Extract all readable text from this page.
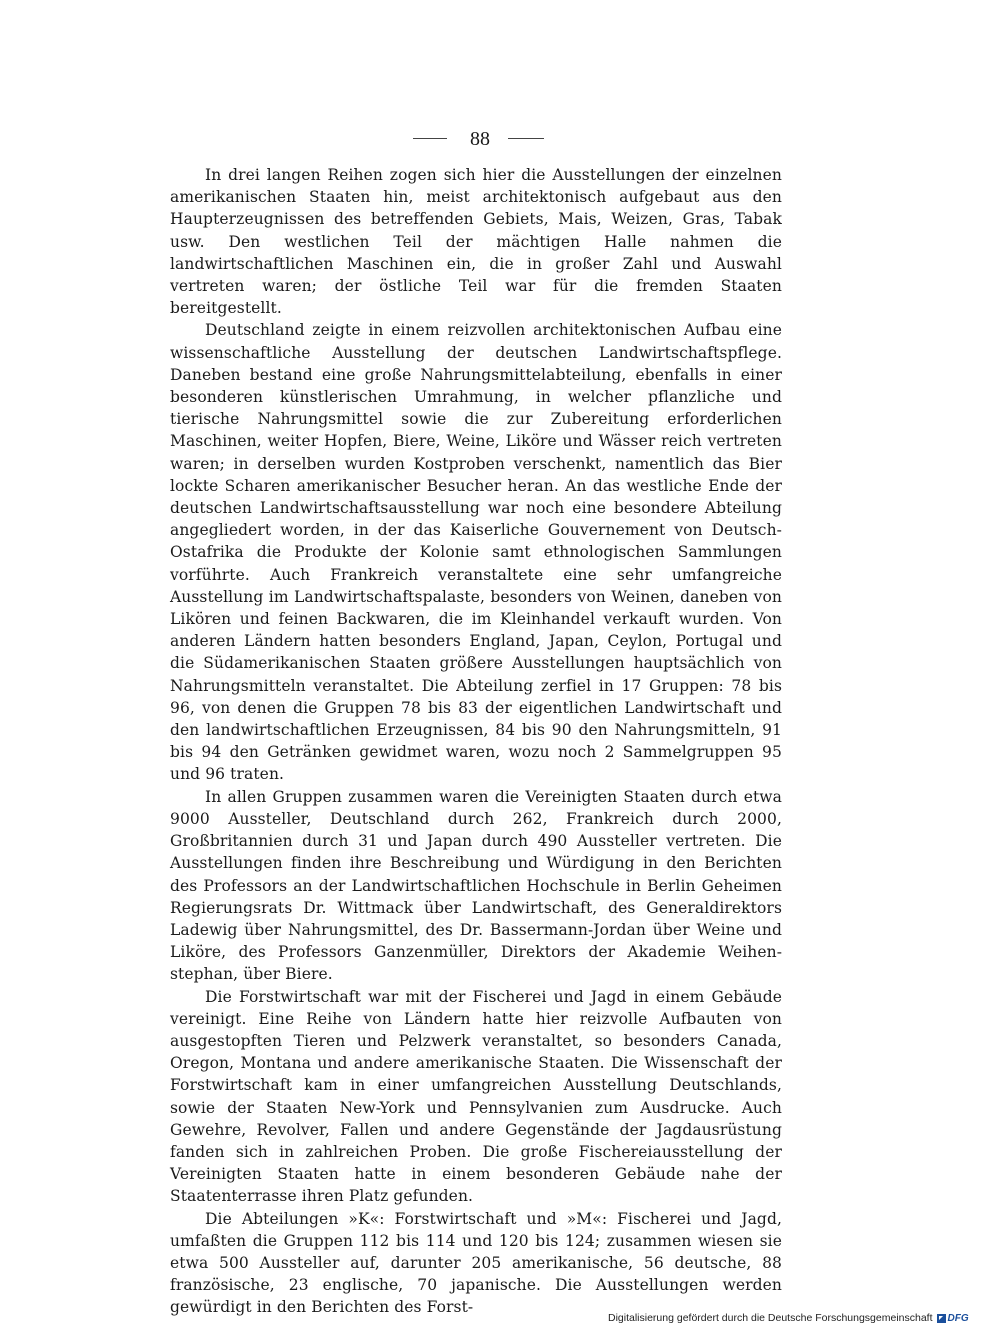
88

In drei langen Reihen zogen sich hier die Ausstellungen der einzelnen amerikanischen Staaten hin, meist architektonisch aufgebaut aus den Haupterzeugnissen des betreffenden Gebiets, Mais, Weizen, Gras, Tabak usw. Den westlichen Teil der mächtigen Halle nahmen die landwirtschaftlichen Maschinen ein, die in großer Zahl und Auswahl vertreten waren; der östliche Teil war für die fremden Staaten bereitgestellt.

Deutschland zeigte in einem reizvollen architektonischen Aufbau eine wissenschaftliche Ausstellung der deutschen Landwirtschaftspflege. Daneben bestand eine große Nahrungsmittelabteilung, ebenfalls in einer besonderen künstlerischen Umrahmung, in welcher pflanzliche und tierische Nahrungsmittel sowie die zur Zubereitung erforderlichen Maschinen, weiter Hopfen, Biere, Weine, Liköre und Wässer reich vertreten waren; in derselben wurden Kostproben verschenkt, namentlich das Bier lockte Scharen amerikanischer Besucher heran. An das westliche Ende der deutschen Landwirtschaftsausstellung war noch eine besondere Abteilung angegliedert worden, in der das Kaiserliche Gouvernement von Deutsch-Ostafrika die Produkte der Kolonie samt ethnologischen Sammlungen vorführte. Auch Frankreich veranstaltete eine sehr umfangreiche Ausstellung im Landwirtschaftspalaste, besonders von Weinen, daneben von Likören und feinen Backwaren, die im Kleinhandel verkauft wurden. Von anderen Ländern hatten besonders England, Japan, Ceylon, Portugal und die Südamerikanischen Staaten größere Ausstellungen hauptsächlich von Nahrungsmitteln veranstaltet. Die Abteilung zerfiel in 17 Gruppen: 78 bis 96, von denen die Gruppen 78 bis 83 der eigentlichen Landwirtschaft und den landwirtschaftlichen Erzeugnissen, 84 bis 90 den Nahrungsmitteln, 91 bis 94 den Getränken gewidmet waren, wozu noch 2 Sammelgruppen 95 und 96 traten.

In allen Gruppen zusammen waren die Vereinigten Staaten durch etwa 9000 Aussteller, Deutschland durch 262, Frankreich durch 2000, Großbritannien durch 31 und Japan durch 490 Aussteller vertreten. Die Ausstellungen finden ihre Beschreibung und Würdigung in den Berichten des Professors an der Landwirtschaftlichen Hochschule in Berlin Geheimen Regierungsrats Dr. Wittmack über Landwirtschaft, des Generaldirektors Ladewig über Nahrungsmittel, des Dr. Bassermann-Jordan über Weine und Liköre, des Professors Ganzenmüller, Direktors der Akademie Weihenstephan, über Biere.

Die Forstwirtschaft war mit der Fischerei und Jagd in einem Gebäude vereinigt. Eine Reihe von Ländern hatte hier reizvolle Aufbauten von ausgestopften Tieren und Pelzwerk veranstaltet, so besonders Canada, Oregon, Montana und andere amerikanische Staaten. Die Wissenschaft der Forstwirtschaft kam in einer umfangreichen Ausstellung Deutschlands, sowie der Staaten New-York und Pennsylvanien zum Ausdrucke. Auch Gewehre, Revolver, Fallen und andere Gegenstände der Jagdausrüstung fanden sich in zahlreichen Proben. Die große Fischereiausstellung der Vereinigten Staaten hatte in einem besonderen Gebäude nahe der Staatenterrasse ihren Platz gefunden.

Die Abteilungen »K«: Forstwirtschaft und »M«: Fischerei und Jagd, umfaßten die Gruppen 112 bis 114 und 120 bis 124; zusammen wiesen sie etwa 500 Aussteller auf, darunter 205 amerikanische, 56 deutsche, 88 französische, 23 englische, 70 japanische. Die Ausstellungen werden gewürdigt in den Berichten des Forst-

Digitalisierung gefördert durch die Deutsche Forschungsgemeinschaft DFG
